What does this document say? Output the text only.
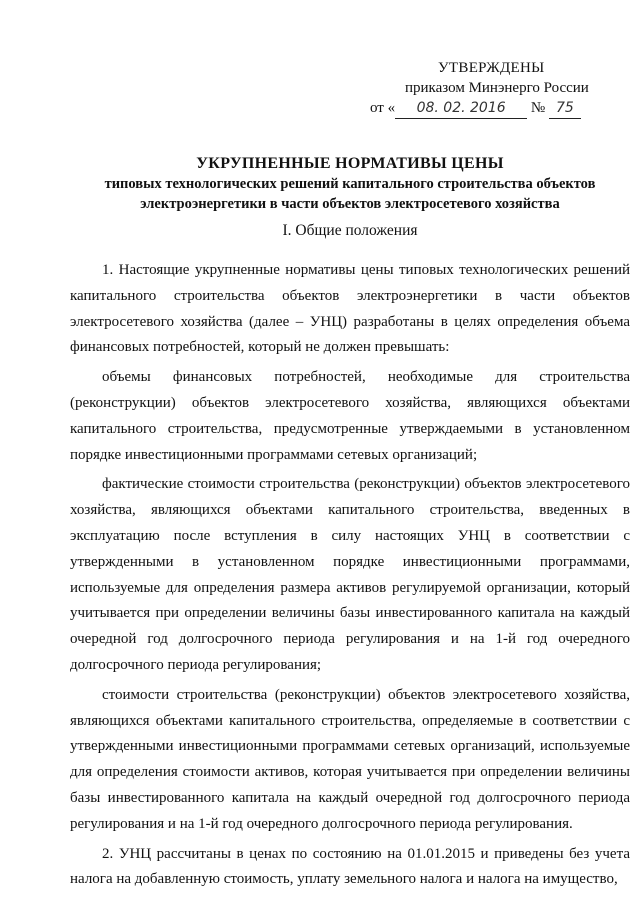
УТВЕРЖДЕНЫ
приказом Минэнерго России
от « 08. 02. 2016 № 75
УКРУПНЕННЫЕ НОРМАТИВЫ ЦЕНЫ
типовых технологических решений капитального строительства объектов
электроэнергетики в части объектов электросетевого хозяйства
I. Общие положения

1. Настоящие укрупненные нормативы цены типовых технологических решений капитального строительства объектов электроэнергетики в части объектов электросетевого хозяйства (далее – УНЦ) разработаны в целях определения объема финансовых потребностей, который не должен превышать:

объемы финансовых потребностей, необходимые для строительства (реконструкции) объектов электросетевого хозяйства, являющихся объектами капитального строительства, предусмотренные утверждаемыми в установленном порядке инвестиционными программами сетевых организаций;

фактические стоимости строительства (реконструкции) объектов электросетевого хозяйства, являющихся объектами капитального строительства, введенных в эксплуатацию после вступления в силу настоящих УНЦ в соответствии с утвержденными в установленном порядке инвестиционными программами, используемые для определения размера активов регулируемой организации, который учитывается при определении величины базы инвестированного капитала на каждый очередной год долгосрочного периода регулирования и на 1-й год очередного долгосрочного периода регулирования;

стоимости строительства (реконструкции) объектов электросетевого хозяйства, являющихся объектами капитального строительства, определяемые в соответствии с утвержденными инвестиционными программами сетевых организаций, используемые для определения стоимости активов, которая учитывается при определении величины базы инвестированного капитала на каждый очередной год долгосрочного периода регулирования и на 1-й год очередного долгосрочного периода регулирования.

2. УНЦ рассчитаны в ценах по состоянию на 01.01.2015 и приведены без учета налога на добавленную стоимость, уплату земельного налога и налога на имущество,
